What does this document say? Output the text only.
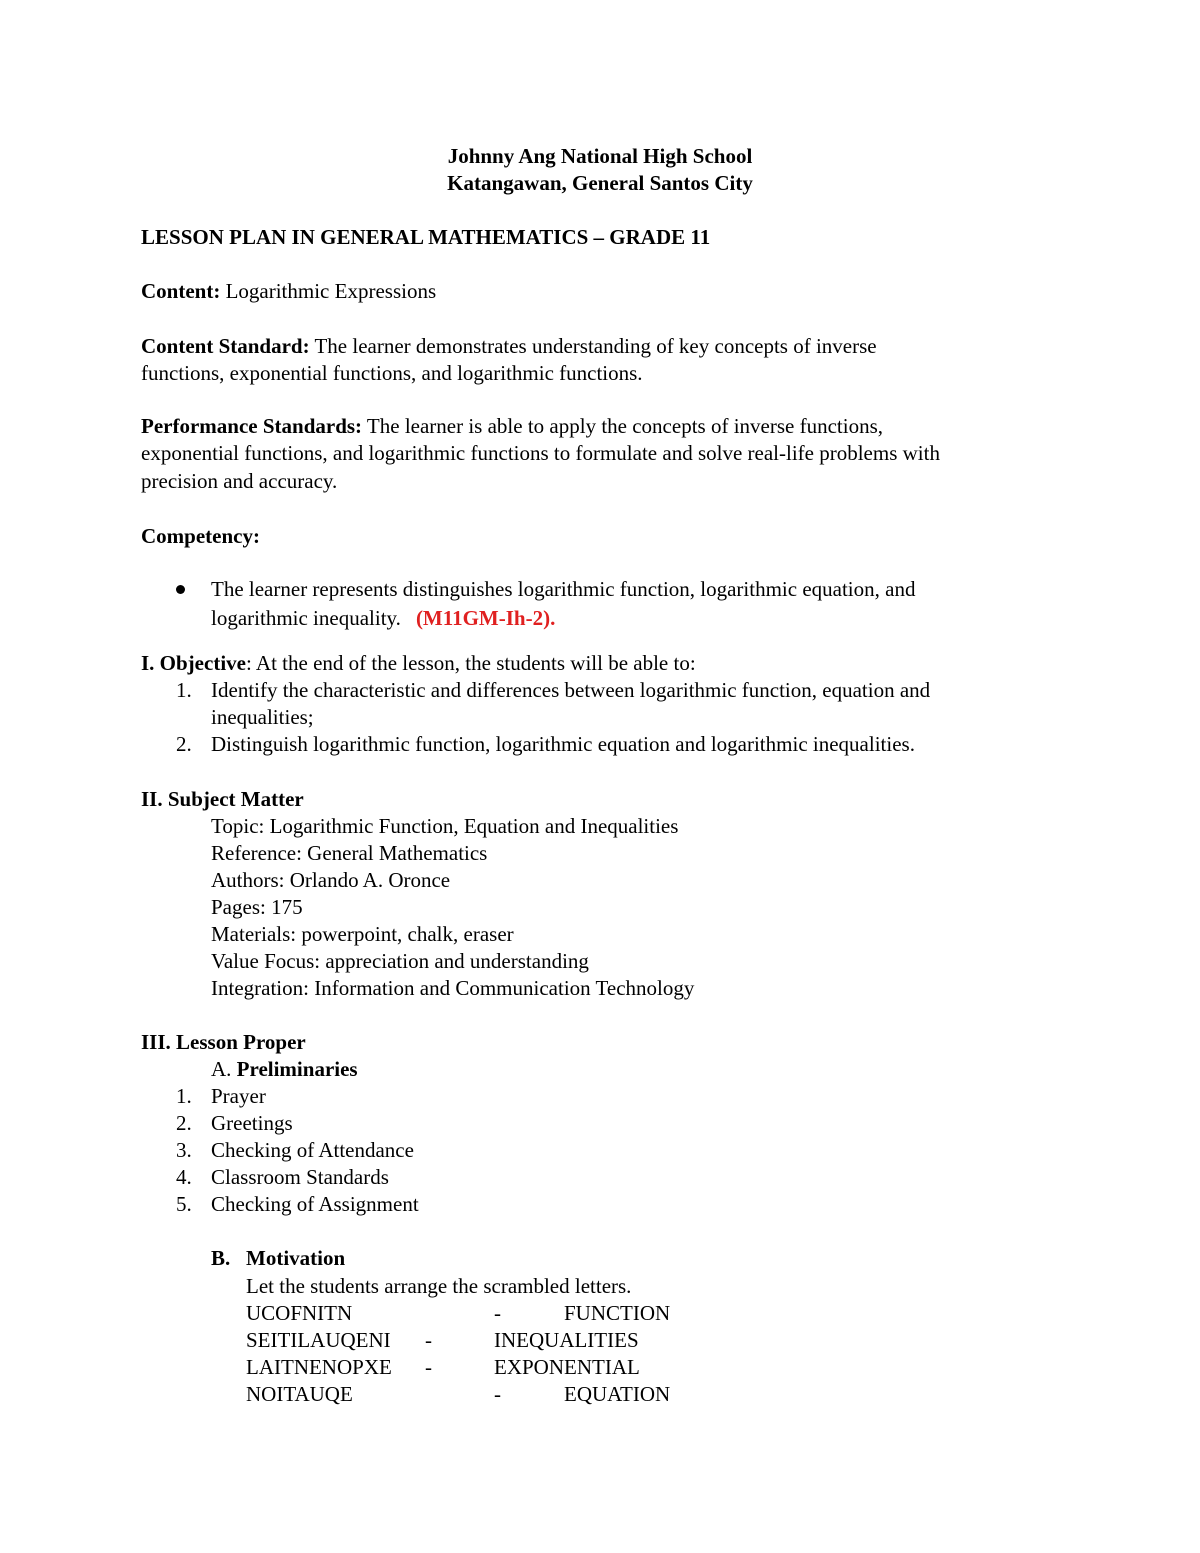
Johnny Ang National High School
Katangawan, General Santos City
LESSON PLAN IN GENERAL MATHEMATICS – GRADE 11
Content: Logarithmic Expressions
Content Standard: The learner demonstrates understanding of key concepts of inverse
functions, exponential functions, and logarithmic functions.
Performance Standards: The learner is able to apply the concepts of inverse functions,
exponential functions, and logarithmic functions to formulate and solve real-life problems with
precision and accuracy.
Competency:
The learner represents distinguishes logarithmic function, logarithmic equation, and
logarithmic inequality. (M11GM-Ih-2).
I. Objective: At the end of the lesson, the students will be able to:
1. Identify the characteristic and differences between logarithmic function, equation and
inequalities;
2. Distinguish logarithmic function, logarithmic equation and logarithmic inequalities.
II. Subject Matter
Topic: Logarithmic Function, Equation and Inequalities
Reference: General Mathematics
Authors: Orlando A. Oronce
Pages: 175
Materials: powerpoint, chalk, eraser
Value Focus: appreciation and understanding
Integration: Information and Communication Technology
III. Lesson Proper
A. Preliminaries
1. Prayer
2. Greetings
3. Checking of Attendance
4. Classroom Standards
5. Checking of Assignment
B. Motivation
Let the students arrange the scrambled letters.
UCOFNITN	-	FUNCTION
SEITILAUQENI -	INEQUALITIES
LAITNENOPXE -	EXPONENTIAL
NOITAUQE	-	EQUATION
